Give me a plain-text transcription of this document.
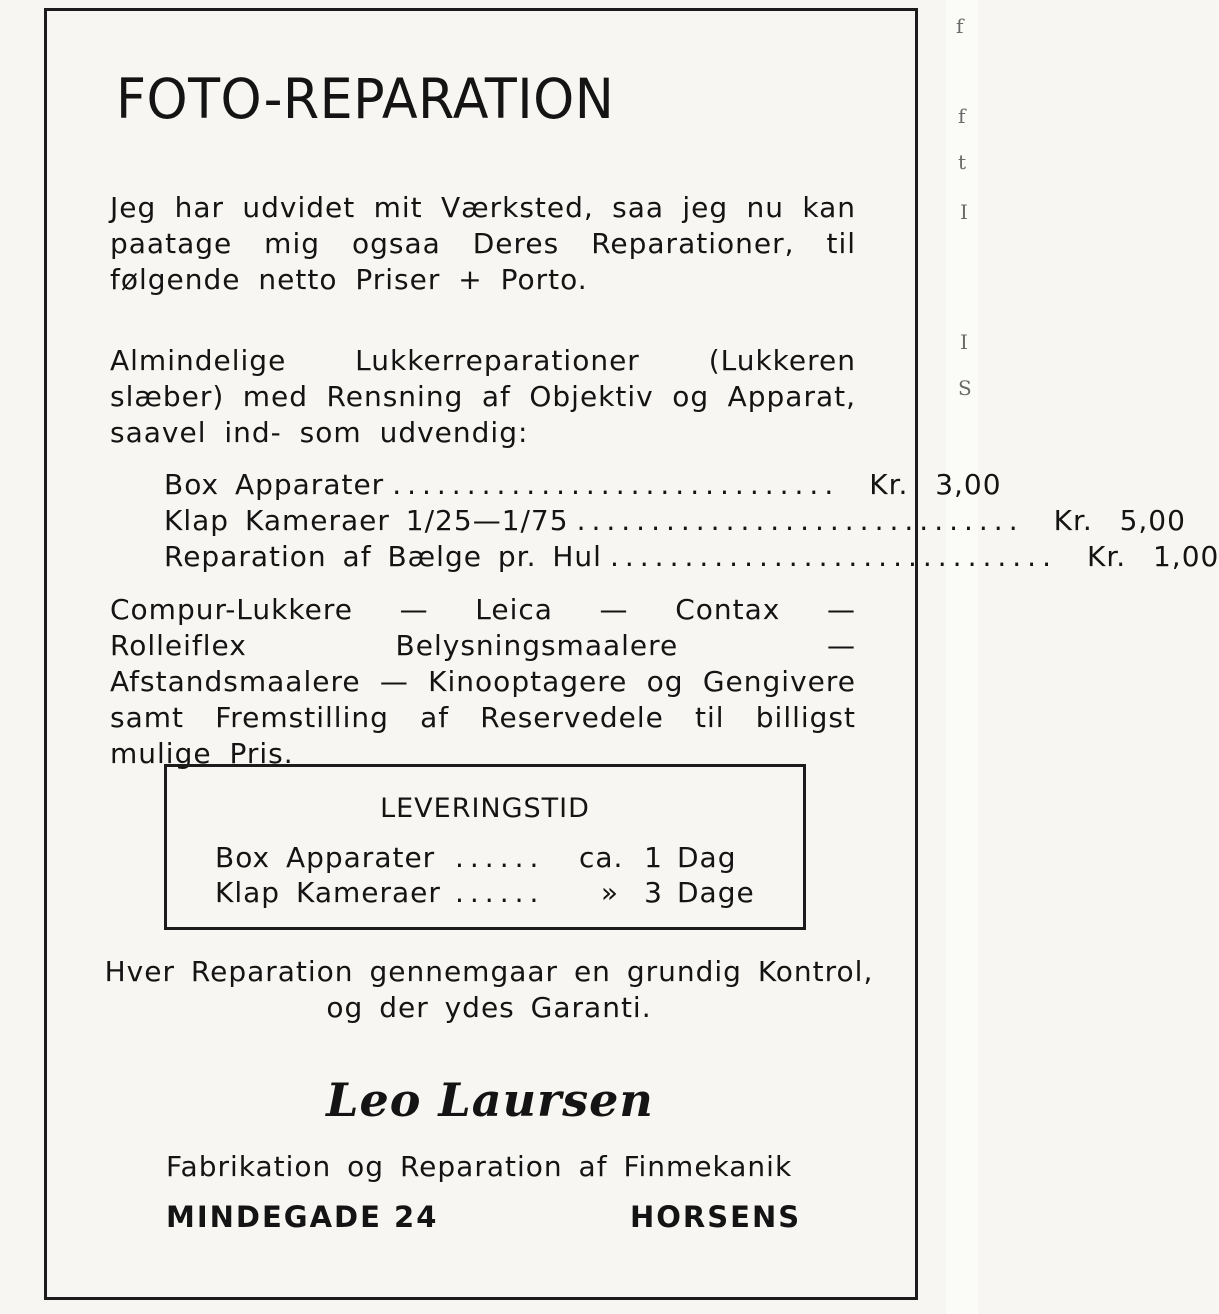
f
f
t
I
I
S
FOTO-REPARATION

Jeg har udvidet mit Værksted, saa jeg nu kan paatage mig ogsaa Deres Reparationer, til følgende netto Priser + Porto.

Almindelige Lukkerreparationer (Lukkeren slæber) med Rensning af Objektiv og Apparat, saavel ind- som udvendig:

Box Apparater .............................. Kr. 3,00
Klap Kameraer 1/25—1/75 .............................. Kr. 5,00
Reparation af Bælge pr. Hul .............................. Kr. 1,00

Compur-Lukkere — Leica — Contax — Rolleiflex Belysningsmaalere — Afstandsmaalere — Kinooptagere og Gengivere samt Fremstilling af Reservedele til billigst mulige Pris.

LEVERINGSTID
Box Apparater ......	ca. 1 Dag
Klap Kameraer ......	» 3 Dage
Hver Reparation gennemgaar en grundig Kontrol,
og der ydes Garanti.
Leo Laursen
Fabrikation og Reparation af Finmekanik
MINDEGADE 24	HORSENS
